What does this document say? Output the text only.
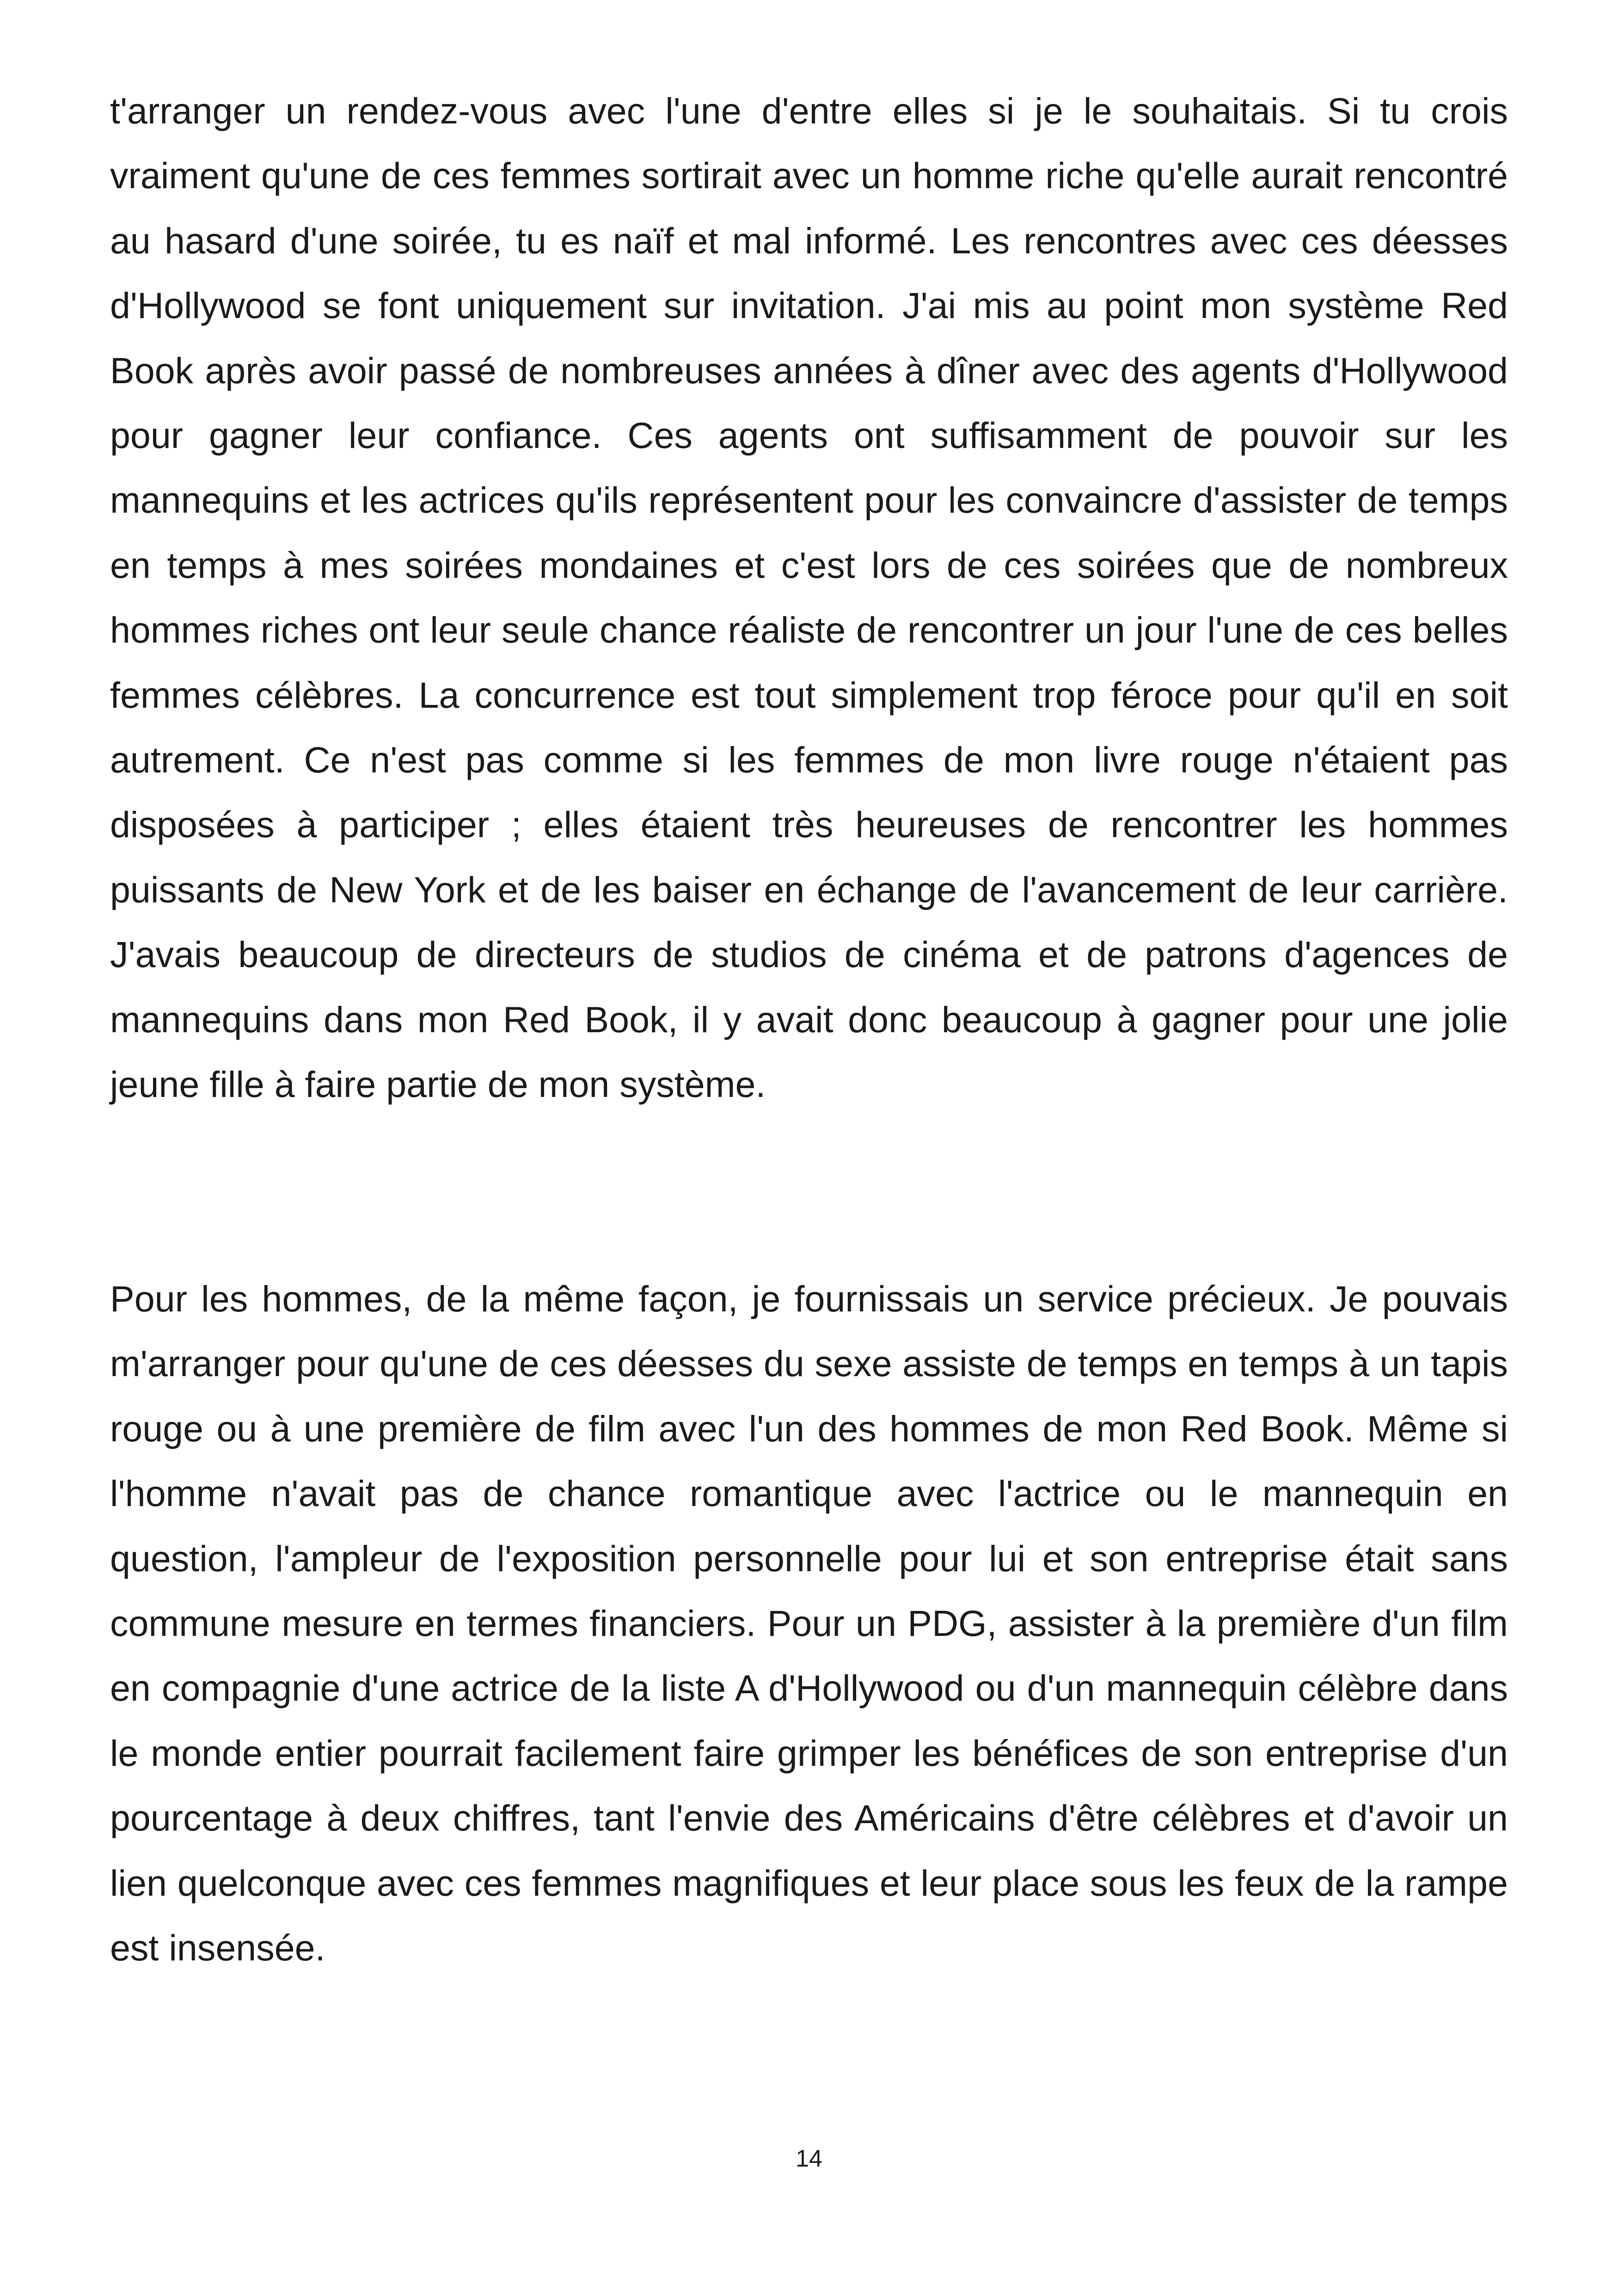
t'arranger un rendez-vous avec l'une d'entre elles si je le souhaitais. Si tu crois vraiment qu'une de ces femmes sortirait avec un homme riche qu'elle aurait rencontré au hasard d'une soirée, tu es naïf et mal informé. Les rencontres avec ces déesses d'Hollywood se font uniquement sur invitation. J'ai mis au point mon système Red Book après avoir passé de nombreuses années à dîner avec des agents d'Hollywood pour gagner leur confiance. Ces agents ont suffisamment de pouvoir sur les mannequins et les actrices qu'ils représentent pour les convaincre d'assister de temps en temps à mes soirées mondaines et c'est lors de ces soirées que de nombreux hommes riches ont leur seule chance réaliste de rencontrer un jour l'une de ces belles femmes célèbres. La concurrence est tout simplement trop féroce pour qu'il en soit autrement. Ce n'est pas comme si les femmes de mon livre rouge n'étaient pas disposées à participer ; elles étaient très heureuses de rencontrer les hommes puissants de New York et de les baiser en échange de l'avancement de leur carrière. J'avais beaucoup de directeurs de studios de cinéma et de patrons d'agences de mannequins dans mon Red Book, il y avait donc beaucoup à gagner pour une jolie jeune fille à faire partie de mon système.

Pour les hommes, de la même façon, je fournissais un service précieux. Je pouvais m'arranger pour qu'une de ces déesses du sexe assiste de temps en temps à un tapis rouge ou à une première de film avec l'un des hommes de mon Red Book. Même si l'homme n'avait pas de chance romantique avec l'actrice ou le mannequin en question, l'ampleur de l'exposition personnelle pour lui et son entreprise était sans commune mesure en termes financiers. Pour un PDG, assister à la première d'un film en compagnie d'une actrice de la liste A d'Hollywood ou d'un mannequin célèbre dans le monde entier pourrait facilement faire grimper les bénéfices de son entreprise d'un pourcentage à deux chiffres, tant l'envie des Américains d'être célèbres et d'avoir un lien quelconque avec ces femmes magnifiques et leur place sous les feux de la rampe est insensée.

14
